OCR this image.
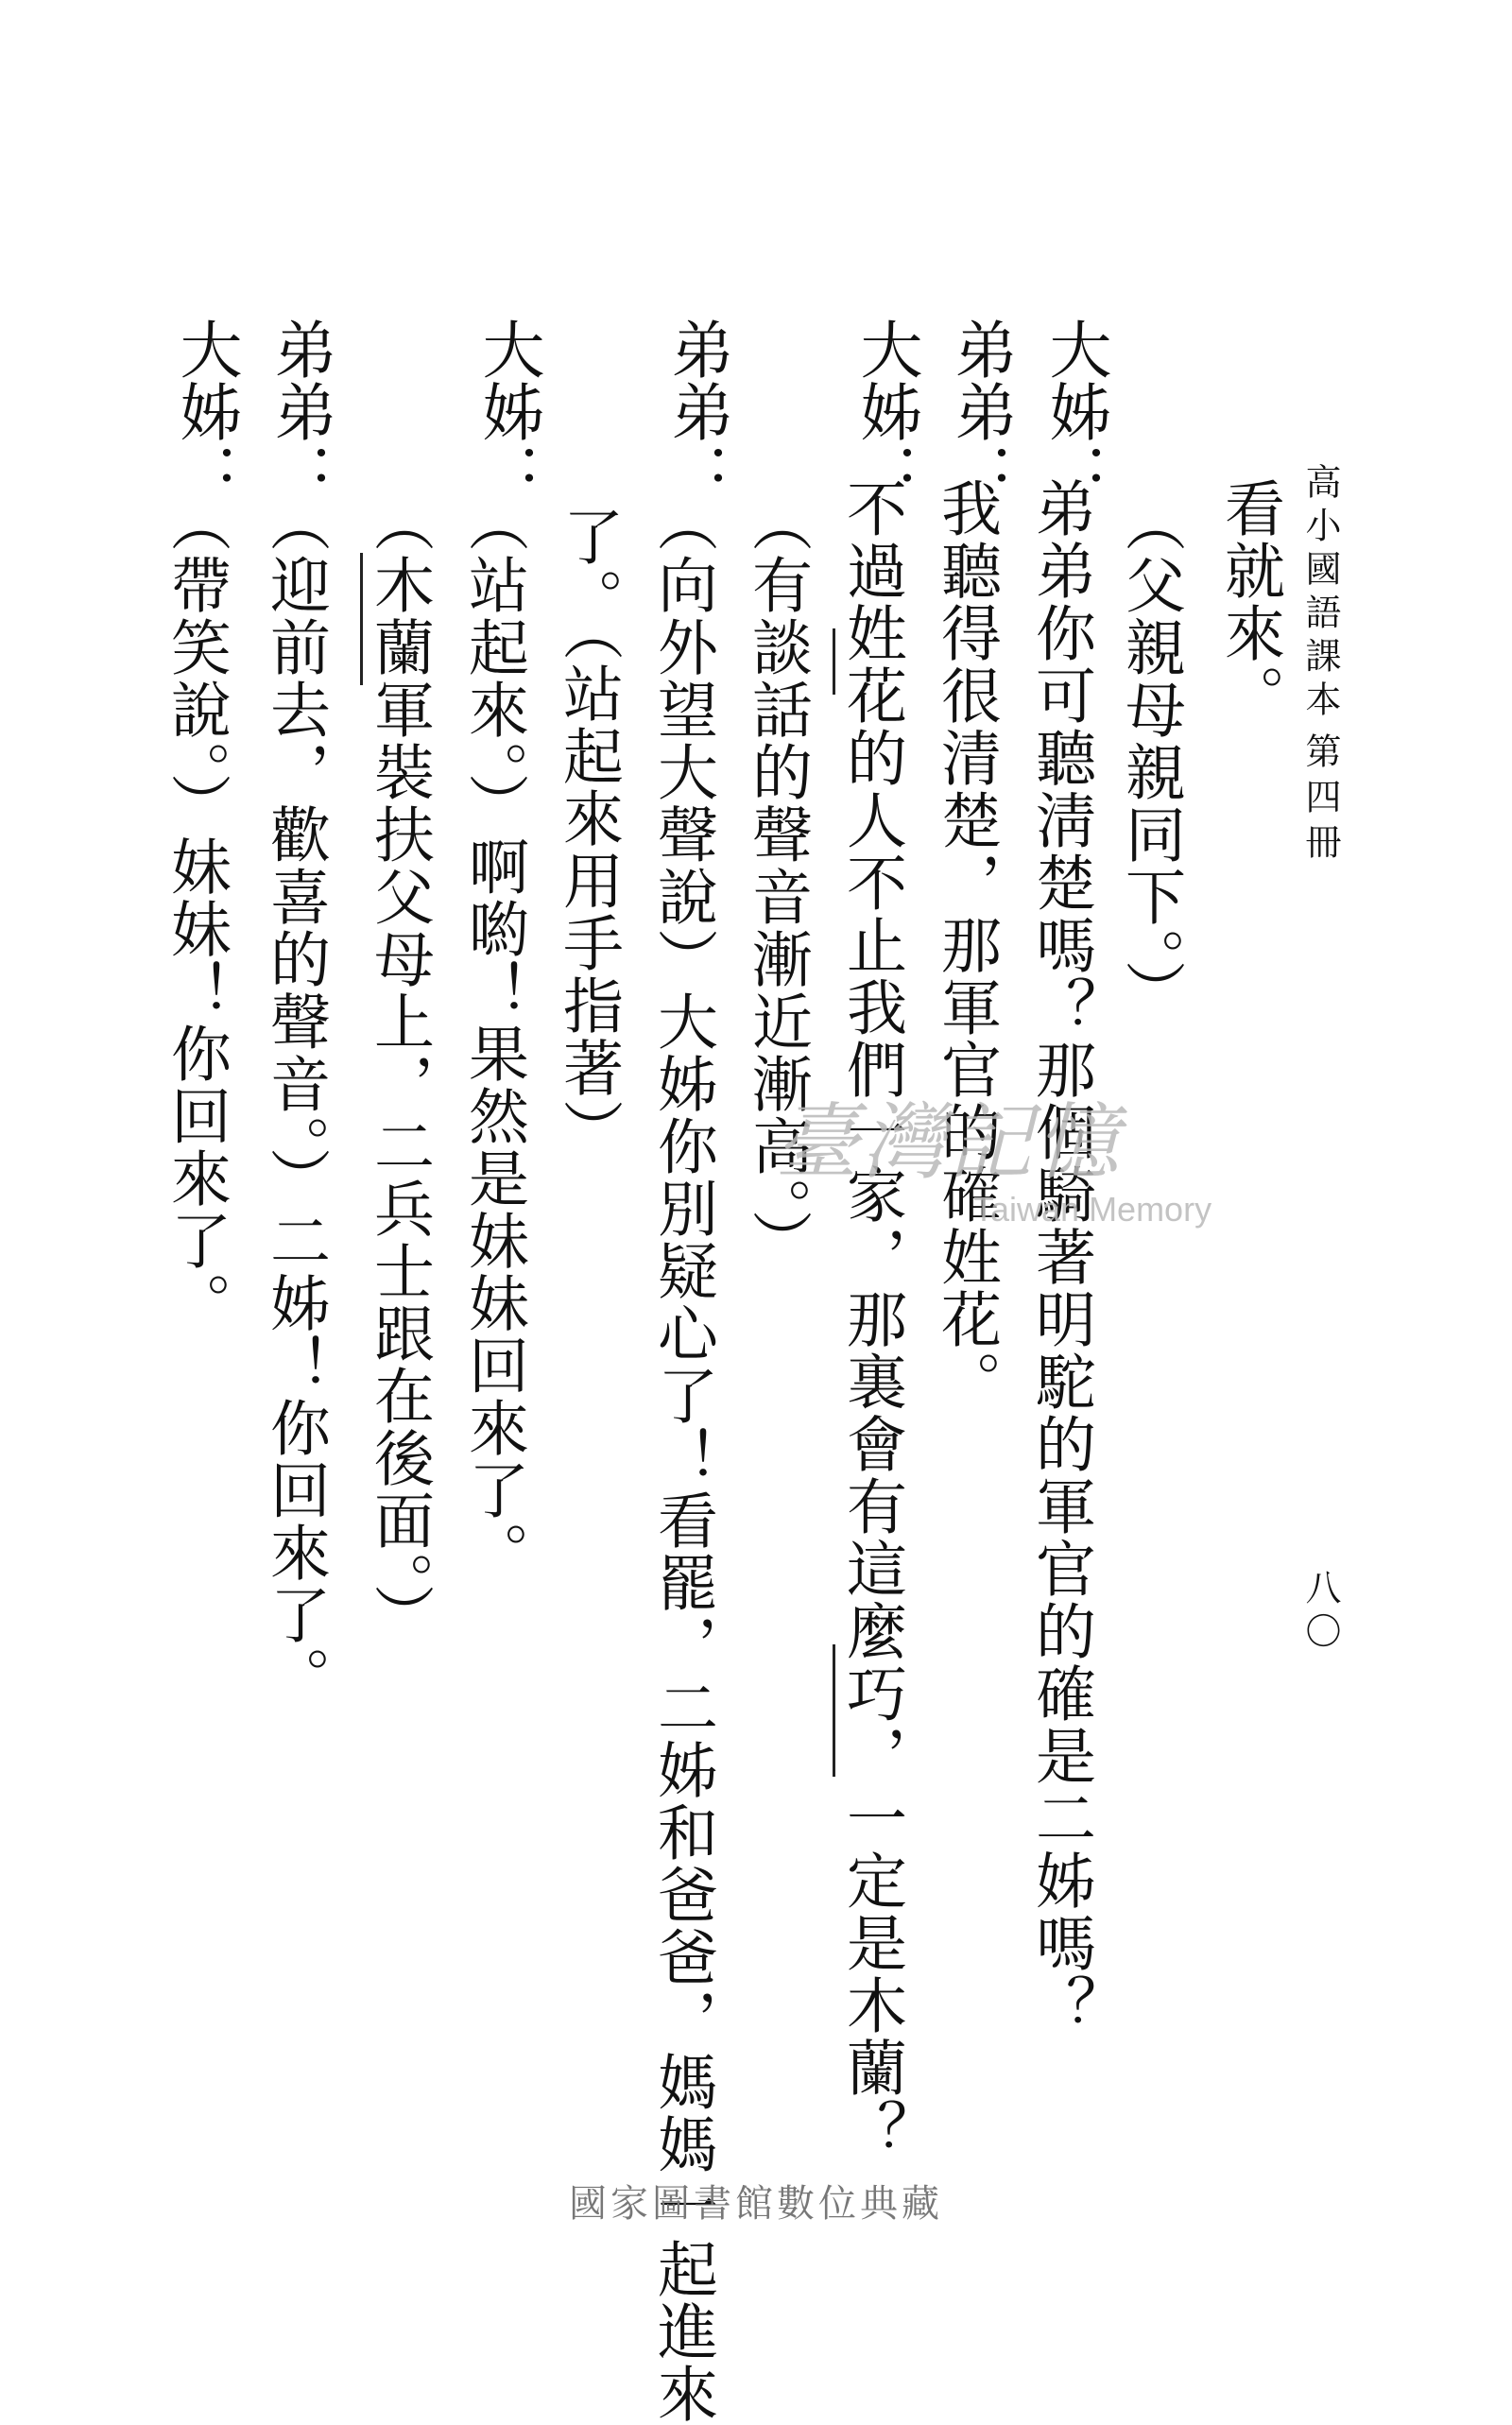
高小國語課本
第四冊
八〇
看就來。
大姊：
（父親母親同下。）
弟弟你可聽淸楚嗎？那個騎著明駝的軍官的確是二姊嗎？
弟弟：
我聽得很清楚，那軍官的確姓花。
大姊：
不過姓花的人不止我們一家，那裏會有這麼巧，一定是木蘭？
（有談話的聲音漸近漸高。）
弟弟：
（向外望大聲說）大姊你別疑心了！看罷，二姊和爸爸，媽媽一起進來
了。（站起來用手指著）
大姊：
（站起來。）啊喲！果然是妹妹回來了。
（木蘭軍裝扶父母上，二兵士跟在後面。）
弟弟：
（迎前去，歡喜的聲音。）二姊！你回來了。
大姊：
（帶笑說。）妹妹！你回來了。	臺灣記憶
Taiwan Memory
國家圖書館數位典藏
